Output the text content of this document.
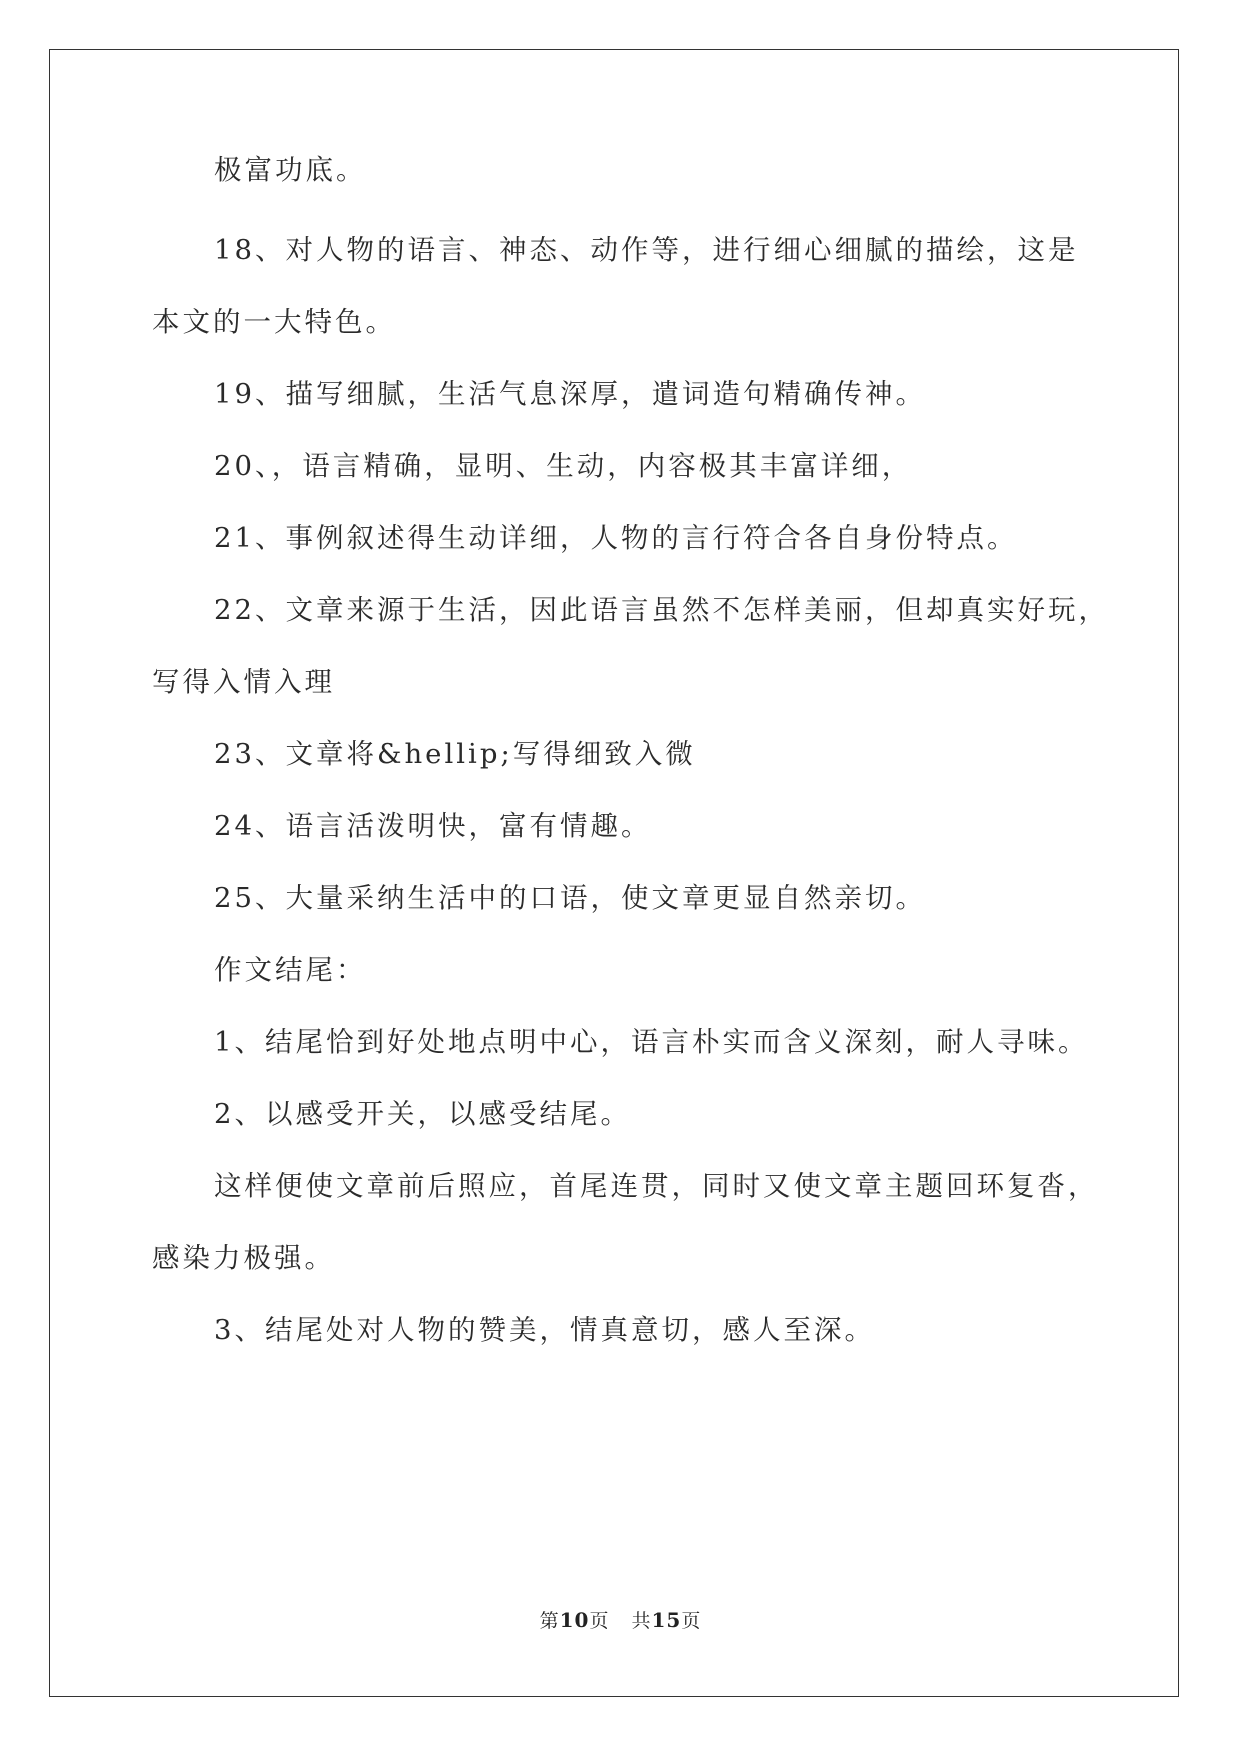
极富功底。
18、对人物的语言、神态、动作等，进行细心细腻的描绘，这是
本文的一大特色。
19、描写细腻，生活气息深厚，遣词造句精确传神。
20、，语言精确，显明、生动，内容极其丰富详细，
21、事例叙述得生动详细，人物的言行符合各自身份特点。
22、文章来源于生活，因此语言虽然不怎样美丽，但却真实好玩，
写得入情入理
23、文章将&hellip;写得细致入微
24、语言活泼明快，富有情趣。
25、大量采纳生活中的口语，使文章更显自然亲切。
作文结尾：
1、结尾恰到好处地点明中心，语言朴实而含义深刻，耐人寻味。
2、以感受开关，以感受结尾。
这样便使文章前后照应，首尾连贯，同时又使文章主题回环复沓，
感染力极强。
3、结尾处对人物的赞美，情真意切，感人至深。
第10页 共15页
